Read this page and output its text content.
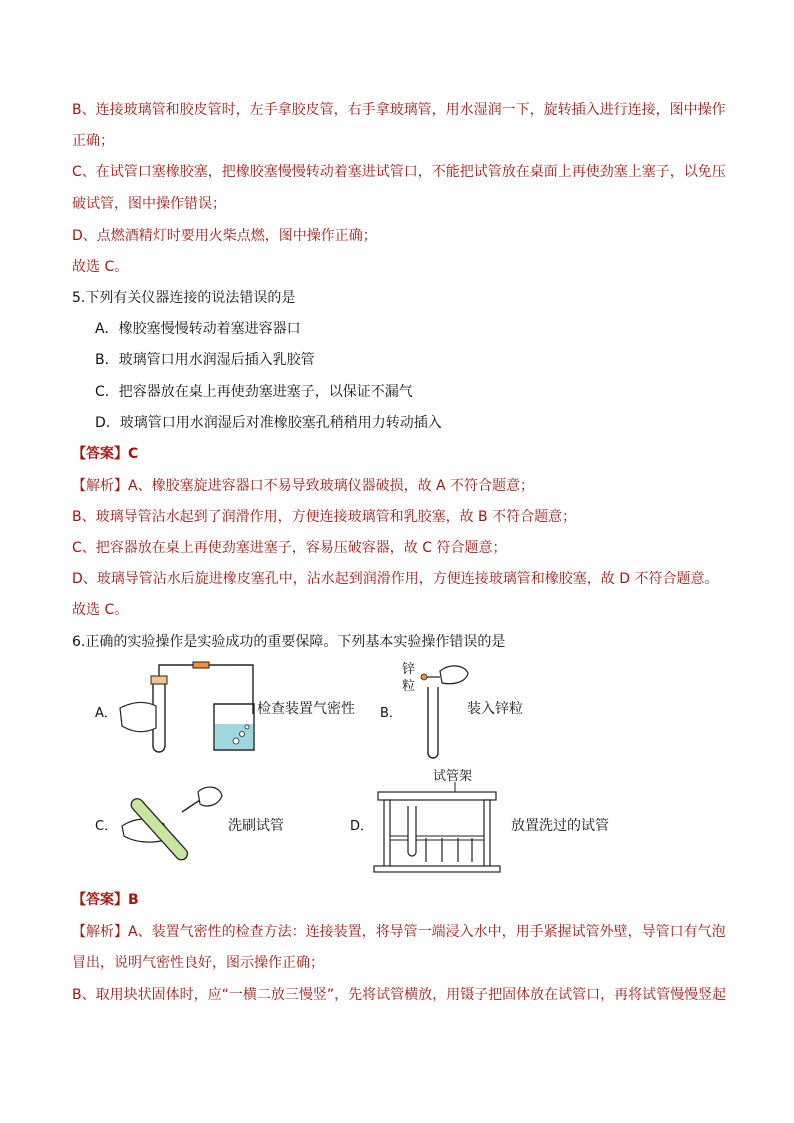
B、连接玻璃管和胶皮管时，左手拿胶皮管，右手拿玻璃管，用水湿润一下，旋转插入进行连接，图中操作
正确；
C、在试管口塞橡胶塞，把橡胶塞慢慢转动着塞进试管口，不能把试管放在桌面上再使劲塞上塞子，以免压
破试管，图中操作错误；
D、点燃酒精灯时要用火柴点燃，图中操作正确；
故选 C。
5.下列有关仪器连接的说法错误的是
A．橡胶塞慢慢转动着塞进容器口
B．玻璃管口用水润湿后插入乳胶管
C．把容器放在桌上再使劲塞进塞子，以保证不漏气
D．玻璃管口用水润湿后对准橡胶塞孔稍稍用力转动插入
【答案】C
【解析】A、橡胶塞旋进容器口不易导致玻璃仪器破损，故 A 不符合题意；
B、玻璃导管沾水起到了润滑作用，方便连接玻璃管和乳胶塞，故 B 不符合题意；
C、把容器放在桌上再使劲塞进塞子，容易压破容器，故 C 符合题意；
D、玻璃导管沾水后旋进橡皮塞孔中，沾水起到润滑作用，方便连接玻璃管和橡胶塞，故 D 不符合题意。
故选 C。
6.正确的实验操作是实验成功的重要保障。下列基本实验操作错误的是
A．	检查装置气密性 B．
锌
粒
装入锌粒
C．	洗刷试管	D．
试管架
放置洗过的试管
【答案】B
【解析】A、装置气密性的检查方法：连接装置，将导管一端浸入水中，用手紧握试管外壁，导管口有气泡
冒出，说明气密性良好，图示操作正确；
B、取用块状固体时，应“一横二放三慢竖”，先将试管横放，用镊子把固体放在试管口，再将试管慢慢竖起
